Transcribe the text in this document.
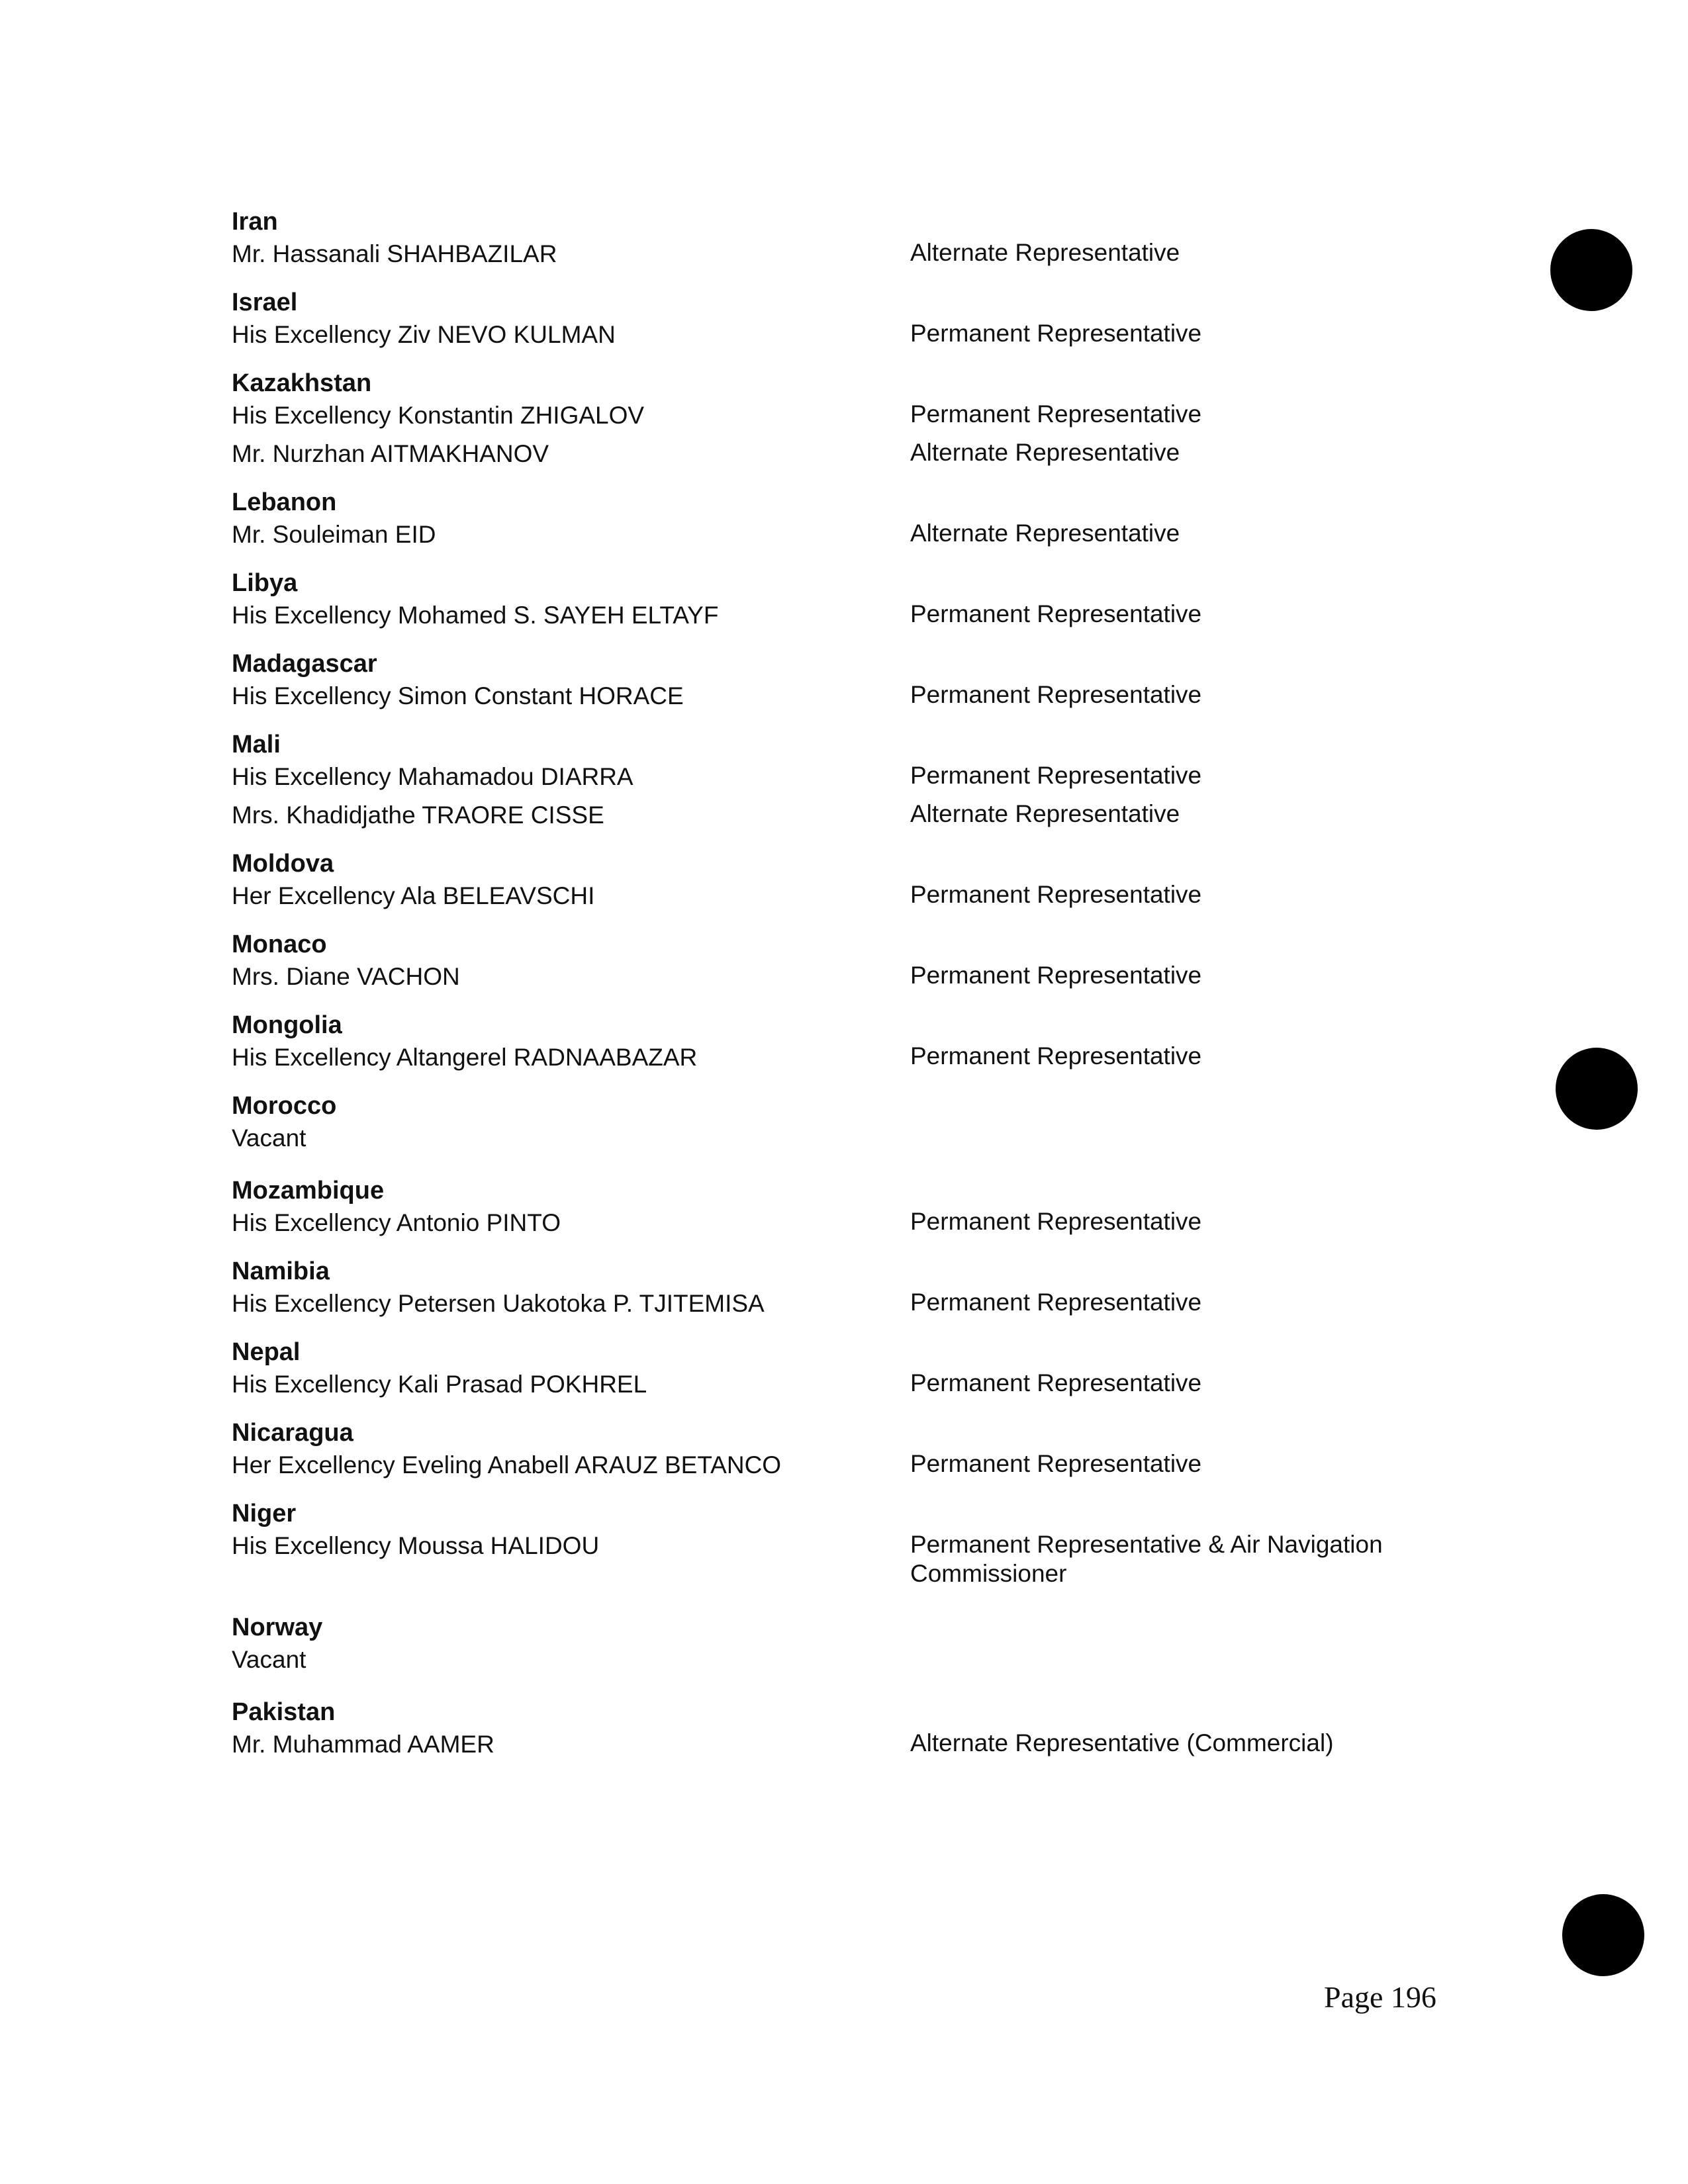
Iran
Mr. Hassanali SHAHBAZILAR	Alternate Representative
Israel
His Excellency Ziv NEVO KULMAN	Permanent Representative
Kazakhstan
His Excellency Konstantin ZHIGALOV	Permanent Representative
Mr. Nurzhan AITMAKHANOV	Alternate Representative
Lebanon
Mr. Souleiman EID	Alternate Representative
Libya
His Excellency Mohamed S. SAYEH ELTAYF	Permanent Representative
Madagascar
His Excellency Simon Constant HORACE	Permanent Representative
Mali
His Excellency Mahamadou DIARRA	Permanent Representative
Mrs. Khadidjathe TRAORE CISSE	Alternate Representative
Moldova
Her Excellency Ala BELEAVSCHI	Permanent Representative
Monaco
Mrs. Diane VACHON	Permanent Representative
Mongolia
His Excellency Altangerel RADNAABAZAR	Permanent Representative
Morocco
Vacant
Mozambique
His Excellency Antonio PINTO	Permanent Representative
Namibia
His Excellency Petersen Uakotoka P. TJITEMISA	Permanent Representative
Nepal
His Excellency Kali Prasad POKHREL	Permanent Representative
Nicaragua
Her Excellency Eveling Anabell ARAUZ BETANCO	Permanent Representative
Niger
His Excellency Moussa HALIDOU	Permanent Representative & Air Navigation Commissioner
Norway
Vacant
Pakistan
Mr. Muhammad AAMER	Alternate Representative (Commercial)
Page 196
